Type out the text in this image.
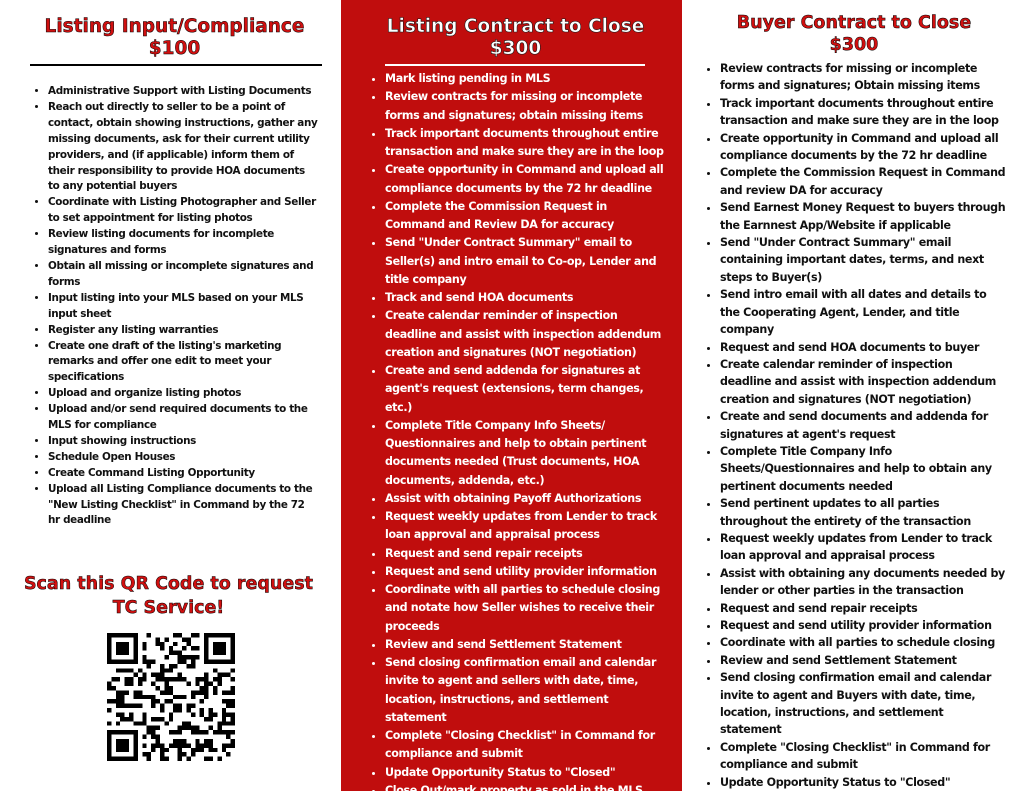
Listing Input/Compliance
$100
• Administrative Support with Listing Documents
• Reach out directly to seller to be a point of contact, obtain showing instructions, gather any missing documents, ask for their current utility providers, and (if applicable) inform them of their responsibility to provide HOA documents to any potential buyers
• Coordinate with Listing Photographer and Seller to set appointment for listing photos
• Review listing documents for incomplete signatures and forms
• Obtain all missing or incomplete signatures and forms
• Input listing into your MLS based on your MLS input sheet
• Register any listing warranties
• Create one draft of the listing's marketing remarks and offer one edit to meet your specifications
• Upload and organize listing photos
• Upload and/or send required documents to the MLS for compliance
• Input showing instructions
• Schedule Open Houses
• Create Command Listing Opportunity
• Upload all Listing Compliance documents to the "New Listing Checklist" in Command by the 72 hr deadline
Scan this QR Code to request TC Service!
Listing Contract to Close
$300
• Mark listing pending in MLS
• Review contracts for missing or incomplete forms and signatures; obtain missing items
• Track important documents throughout entire transaction and make sure they are in the loop
• Create opportunity in Command and upload all compliance documents by the 72 hr deadline
• Complete the Commission Request in Command and Review DA for accuracy
• Send "Under Contract Summary" email to Seller(s) and intro email to Co-op, Lender and title company
• Track and send HOA documents
• Create calendar reminder of inspection deadline and assist with inspection addendum creation and signatures (NOT negotiation)
• Create and send addenda for signatures at agent's request (extensions, term changes, etc.)
• Complete Title Company Info Sheets/ Questionnaires and help to obtain pertinent documents needed (Trust documents, HOA documents, addenda, etc.)
• Assist with obtaining Payoff Authorizations
• Request weekly updates from Lender to track loan approval and appraisal process
• Request and send repair receipts
• Request and send utility provider information
• Coordinate with all parties to schedule closing and notate how Seller wishes to receive their proceeds
• Review and send Settlement Statement
• Send closing confirmation email and calendar invite to agent and sellers with date, time, location, instructions, and settlement statement
• Complete "Closing Checklist" in Command for compliance and submit
• Update Opportunity Status to "Closed"
• Close Out/mark property as sold in the MLS
Buyer Contract to Close
$300
• Review contracts for missing or incomplete forms and signatures; Obtain missing items
• Track important documents throughout entire transaction and make sure they are in the loop
• Create opportunity in Command and upload all compliance documents by the 72 hr deadline
• Complete the Commission Request in Command and review DA for accuracy
• Send Earnest Money Request to buyers through the Earnnest App/Website if applicable
• Send "Under Contract Summary" email containing important dates, terms, and next steps to Buyer(s)
• Send intro email with all dates and details to the Cooperating Agent, Lender, and title company
• Request and send HOA documents to buyer
• Create calendar reminder of inspection deadline and assist with inspection addendum creation and signatures (NOT negotiation)
• Create and send documents and addenda for signatures at agent's request
• Complete Title Company Info Sheets/Questionnaires and help to obtain any pertinent documents needed
• Send pertinent updates to all parties throughout the entirety of the transaction
• Request weekly updates from Lender to track loan approval and appraisal process
• Assist with obtaining any documents needed by lender or other parties in the transaction
• Request and send repair receipts
• Request and send utility provider information
• Coordinate with all parties to schedule closing
• Review and send Settlement Statement
• Send closing confirmation email and calendar invite to agent and Buyers with date, time, location, instructions, and settlement statement
• Complete "Closing Checklist" in Command for compliance and submit
• Update Opportunity Status to "Closed"
